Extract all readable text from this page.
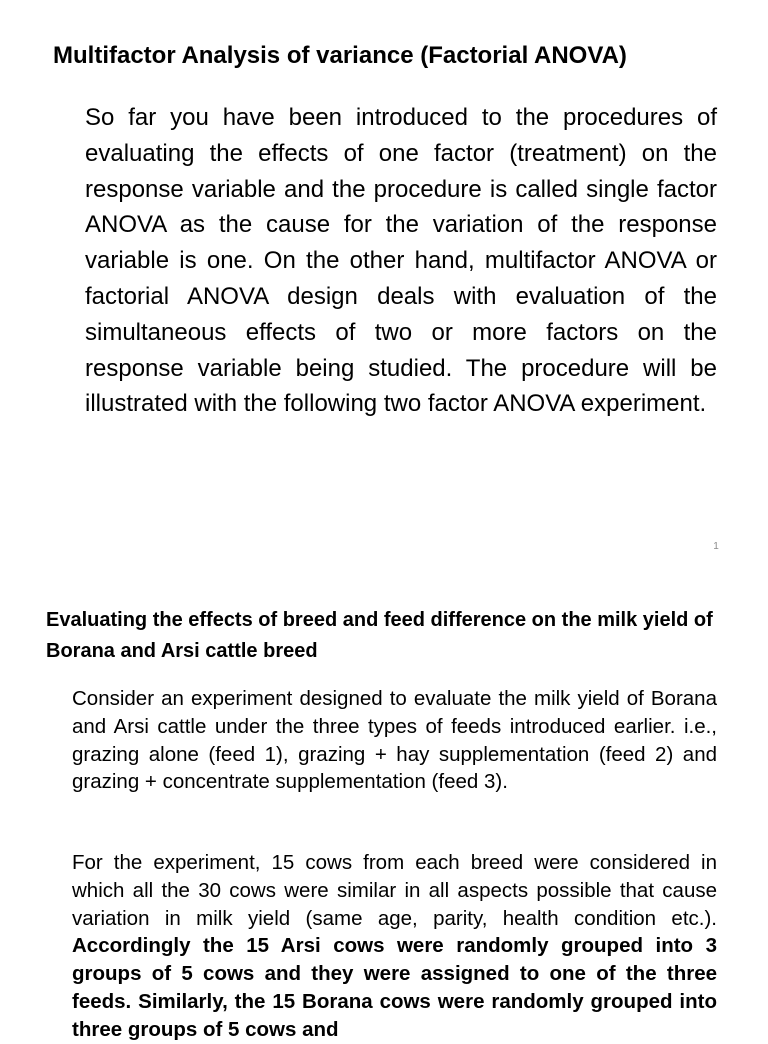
Multifactor Analysis of variance (Factorial ANOVA)

So far you have been introduced to the procedures of evaluating the effects of one factor (treatment) on the response variable and the procedure is called single factor ANOVA as the cause for the variation of the response variable is one. On the other hand, multifactor ANOVA or factorial ANOVA design deals with evaluation of the simultaneous effects of two or more factors on the response variable being studied. The procedure will be illustrated with the following two factor ANOVA experiment.

1

Evaluating the effects of breed and feed difference on the milk yield of Borana and Arsi cattle breed

Consider an experiment designed to evaluate the milk yield of Borana and Arsi cattle under the three types of feeds introduced earlier. i.e., grazing alone (feed 1), grazing + hay supplementation (feed 2) and grazing + concentrate supplementation (feed 3).

For the experiment, 15 cows from each breed were considered in which all the 30 cows were similar in all aspects possible that cause variation in milk yield (same age, parity, health condition etc.). Accordingly the 15 Arsi cows were randomly grouped into 3 groups of 5 cows and they were assigned to one of the three feeds. Similarly, the 15 Borana cows were randomly grouped into three groups of 5 cows and
